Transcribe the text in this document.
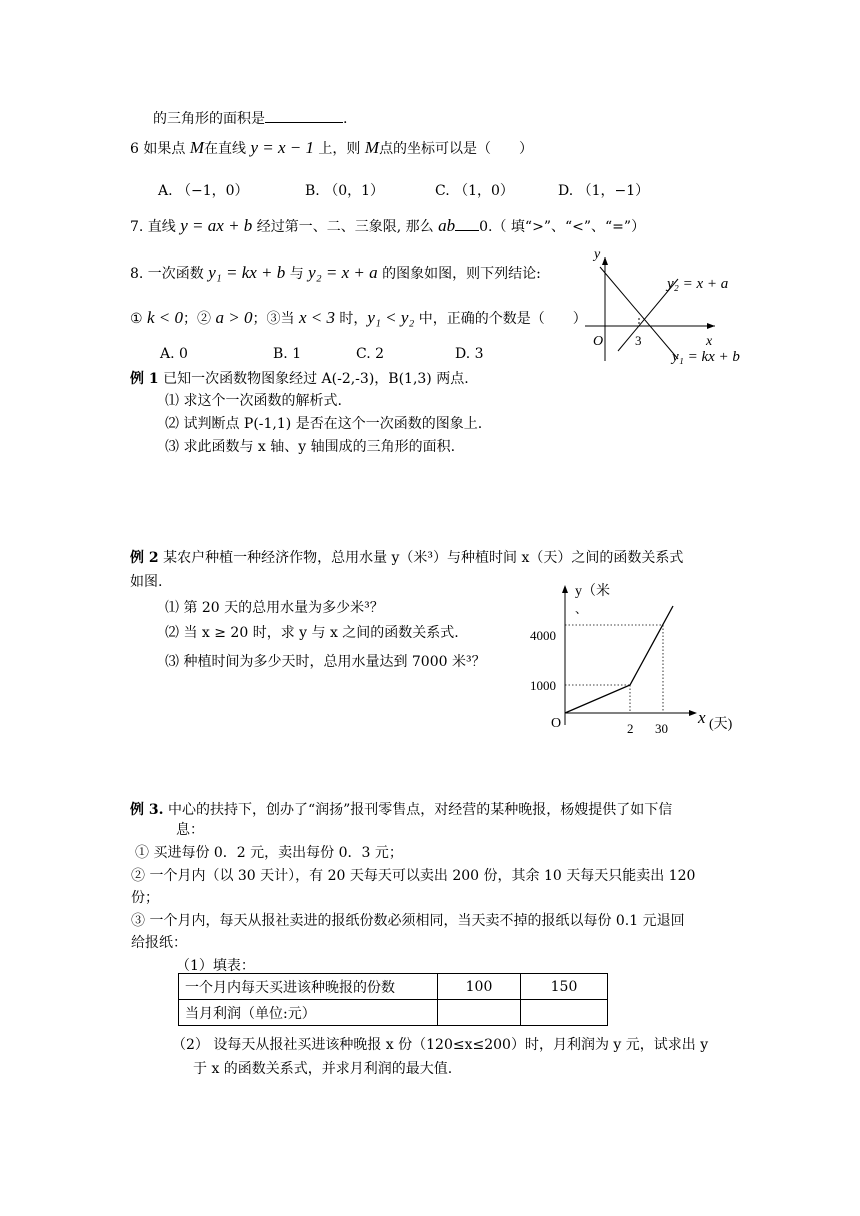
的三角形的面积是	.
6 如果点 M在直线 y = x − 1 上，则 M点的坐标可以是（　　）
A. （−1，0）	B. （0，1）	C. （1，0）	D. （1，−1）
7. 直线 y = ax + b 经过第一、二、三象限, 那么 ab 0.（ 填“>”、“<”、“=”）
8. 一次函数 y₁ = kx + b 与 y₂ = x + a 的图象如图，则下列结论:
① k < 0；② a > 0；③当 x < 3 时，y₁ < y₂ 中，正确的个数是（　　）
A. 0	B. 1	C. 2	D. 3
y
x
O 3
y₂ = x + a
y₁ = kx + b
例 1 已知一次函数物图象经过 A(-2,-3)，B(1,3) 两点.
⑴ 求这个一次函数的解析式.
⑵ 试判断点 P(-1,1) 是否在这个一次函数的图象上.
⑶ 求此函数与 x 轴、y 轴围成的三角形的面积.
例 2 某农户种植一种经济作物，总用水量 y（米³）与种植时间 x（天）之间的函数关系式
如图.
⑴ 第 20 天的总用水量为多少米³？
⑵ 当 x ≥ 20 时，求 y 与 x 之间的函数关系式.
⑶ 种植时间为多少天时，总用水量达到 7000 米³？
y（米
、
4000
1000
O	2 30
x (天)
例 3. 中心的扶持下，创办了“润扬”报刊零售点，对经营的某种晚报，杨嫂提供了如下信
息：
① 买进每份 0．2 元，卖出每份 0．3 元；
② 一个月内（以 30 天计），有 20 天每天可以卖出 200 份，其余 10 天每天只能卖出 120
份；
③ 一个月内，每天从报社卖进的报纸份数必须相同，当天卖不掉的报纸以每份 0.1 元退回
给报纸：
（1）填表：
一个月内每天买进该种晚报的份数	100	150
当月利润（单位:元）		
（2） 设每天从报社买进该种晚报 x 份（120≤x≤200）时，月利润为 y 元，试求出 y
于 x 的函数关系式，并求月利润的最大值.
